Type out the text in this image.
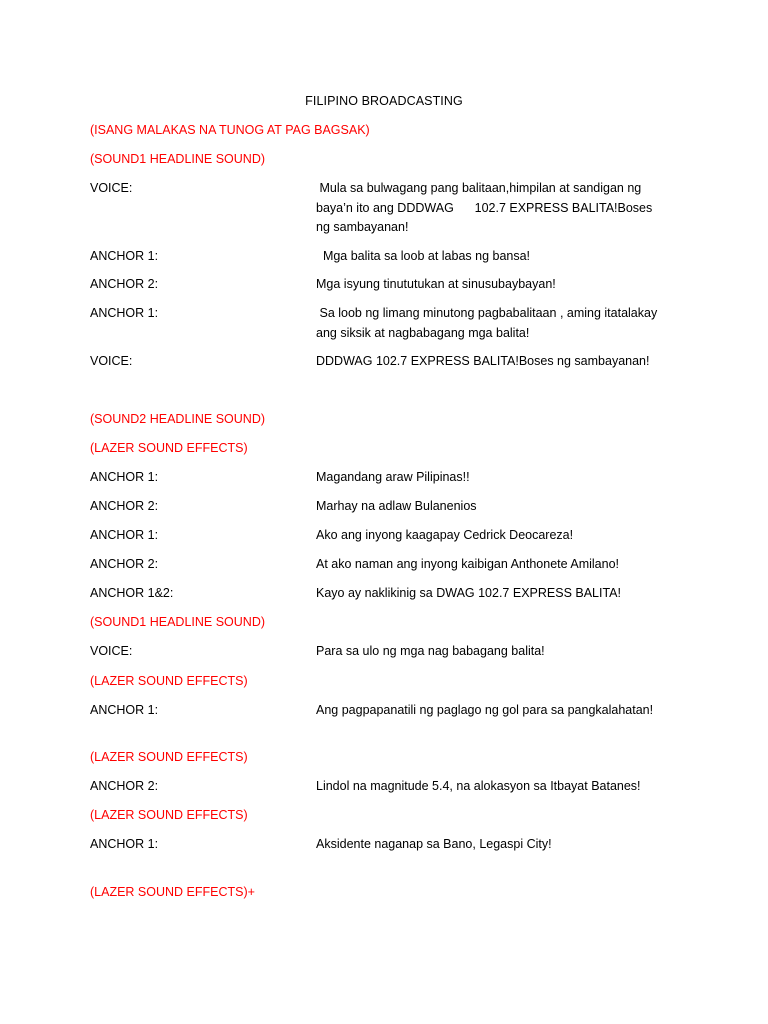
FILIPINO BROADCASTING
(ISANG MALAKAS NA TUNOG AT PAG BAGSAK)
(SOUND1 HEADLINE SOUND)
VOICE:	Mula sa bulwagang pang balitaan,himpilan at sandigan ng baya’n ito ang DDDWAG      102.7 EXPRESS BALITA!Boses ng sambayanan!
ANCHOR 1:	Mga balita sa loob at labas ng bansa!
ANCHOR 2:	Mga isyung tinututukan at sinusubaybayan!
ANCHOR 1:	Sa loob ng limang minutong pagbabalitaan , aming itatalakay ang siksik at nagbabagang mga balita!
VOICE:	DDDWAG 102.7 EXPRESS BALITA!Boses ng sambayanan!
(SOUND2 HEADLINE SOUND)
(LAZER SOUND EFFECTS)
ANCHOR 1:	Magandang araw Pilipinas!!
ANCHOR 2:	Marhay na adlaw Bulanenios
ANCHOR 1:	Ako ang inyong kaagapay Cedrick Deocareza!
ANCHOR 2:	At ako naman ang inyong kaibigan Anthonete Amilano!
ANCHOR 1&2:	Kayo ay naklikinig sa DWAG 102.7 EXPRESS BALITA!
(SOUND1 HEADLINE SOUND)
VOICE:	Para sa ulo ng mga nag babagang balita!
(LAZER SOUND EFFECTS)
ANCHOR 1:	Ang pagpapanatili ng paglago ng gol para sa pangkalahatan!
(LAZER SOUND EFFECTS)
ANCHOR 2:	Lindol na magnitude 5.4, na alokasyon sa Itbayat Batanes!
(LAZER SOUND EFFECTS)
ANCHOR 1:	Aksidente naganap sa Bano, Legaspi City!
(LAZER SOUND EFFECTS)+
